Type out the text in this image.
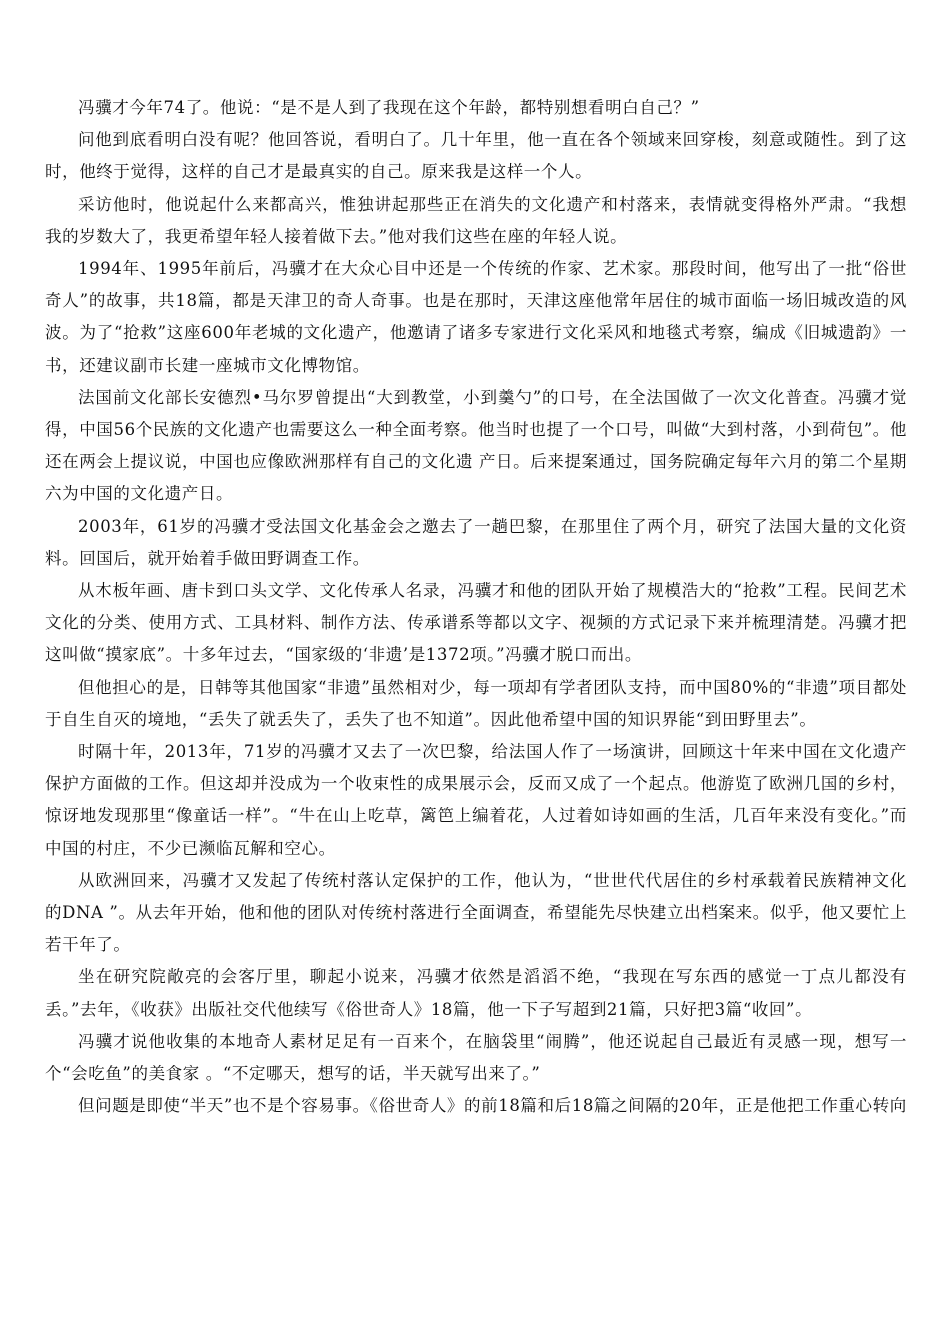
冯骥才今年74了。他说：“是不是人到了我现在这个年龄，都特别想看明白自己？”

问他到底看明白没有呢？他回答说，看明白了。几十年里，他一直在各个领域来回穿梭，刻意或随性。到了这时，他终于觉得，这样的自己才是最真实的自己。原来我是这样一个人。

采访他时，他说起什么来都高兴，惟独讲起那些正在消失的文化遗产和村落来，表情就变得格外严肃。“我想我的岁数大了，我更希望年轻人接着做下去。”他对我们这些在座的年轻人说。

1994年、1995年前后，冯骥才在大众心目中还是一个传统的作家、艺术家。那段时间，他写出了一批“俗世奇人”的故事，共18篇，都是天津卫的奇人奇事。也是在那时，天津这座他常年居住的城市面临一场旧城改造的风波。为了“抢救”这座600年老城的文化遗产，他邀请了诸多专家进行文化采风和地毯式考察，编成《旧城遗韵》一书，还建议副市长建一座城市文化博物馆。

法国前文化部长安德烈•马尔罗曾提出“大到教堂，小到羹勺”的口号，在全法国做了一次文化普查。冯骥才觉得，中国56个民族的文化遗产也需要这么一种全面考察。他当时也提了一个口号，叫做“大到村落，小到荷包”。他还在两会上提议说，中国也应像欧洲那样有自己的文化遗 产日。后来提案通过，国务院确定每年六月的第二个星期六为中国的文化遗产日。

2003年，61岁的冯骥才受法国文化基金会之邀去了一趟巴黎，在那里住了两个月，研究了法国大量的文化资料。回国后，就开始着手做田野调查工作。

从木板年画、唐卡到口头文学、文化传承人名录，冯骥才和他的团队开始了规模浩大的“抢救”工程。民间艺术文化的分类、使用方式、工具材料、制作方法、传承谱系等都以文字、视频的方式记录下来并梳理清楚。冯骥才把这叫做“摸家底”。十多年过去，“国家级的‘非遗’是1372项。”冯骥才脱口而出。

但他担心的是，日韩等其他国家“非遗”虽然相对少，每一项却有学者团队支持，而中国80%的“非遗”项目都处于自生自灭的境地，“丢失了就丢失了，丢失了也不知道”。因此他希望中国的知识界能“到田野里去”。

时隔十年，2013年，71岁的冯骥才又去了一次巴黎，给法国人作了一场演讲，回顾这十年来中国在文化遗产保护方面做的工作。但这却并没成为一个收束性的成果展示会，反而又成了一个起点。他游览了欧洲几国的乡村，惊讶地发现那里“像童话一样”。“牛在山上吃草，篱笆上编着花，人过着如诗如画的生活，几百年来没有变化。”而中国的村庄，不少已濒临瓦解和空心。

从欧洲回来，冯骥才又发起了传统村落认定保护的工作，他认为，“世世代代居住的乡村承载着民族精神文化的DNA ”。从去年开始，他和他的团队对传统村落进行全面调查，希望能先尽快建立出档案来。似乎，他又要忙上若干年了。

坐在研究院敞亮的会客厅里，聊起小说来，冯骥才依然是滔滔不绝，“我现在写东西的感觉一丁点儿都没有丢。”去年，《收获》出版社交代他续写《俗世奇人》18篇，他一下子写超到21篇，只好把3篇“收回”。

冯骥才说他收集的本地奇人素材足足有一百来个，在脑袋里“闹腾”，他还说起自己最近有灵感一现，想写一个“会吃鱼”的美食家 。“不定哪天，想写的话，半天就写出来了。”

但问题是即使“半天”也不是个容易事。《俗世奇人》的前18篇和后18篇之间隔的20年，正是他把工作重心转向
